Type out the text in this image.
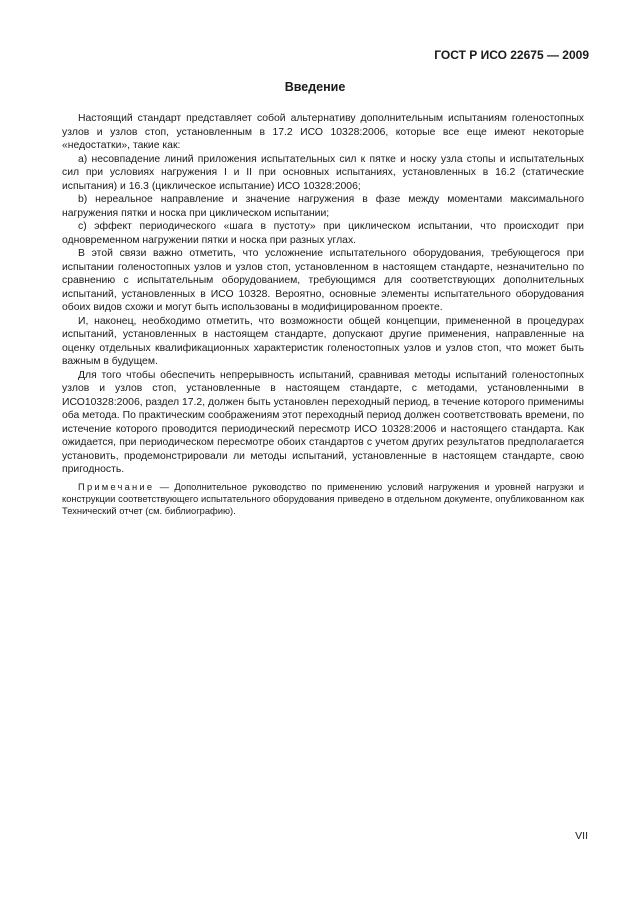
ГОСТ Р ИСО 22675 — 2009
Введение

Настоящий стандарт представляет собой альтернативу дополнительным испытаниям голеностопных узлов и узлов стоп, установленным в 17.2 ИСО 10328:2006, которые все еще имеют некоторые «недостатки», такие как:

а) несовпадение линий приложения испытательных сил к пятке и носку узла стопы и испытательных сил при условиях нагружения I и II при основных испытаниях, установленных в 16.2 (статические испытания) и 16.3 (циклическое испытание) ИСО 10328:2006;

b) нереальное направление и значение нагружения в фазе между моментами максимального нагружения пятки и носка при циклическом испытании;

c) эффект периодического «шага в пустоту» при циклическом испытании, что происходит при одновременном нагружении пятки и носка при разных углах.

В этой связи важно отметить, что усложнение испытательного оборудования, требующегося при испытании голеностопных узлов и узлов стоп, установленном в настоящем стандарте, незначительно по сравнению с испытательным оборудованием, требующимся для соответствующих дополнительных испытаний, установленных в ИСО 10328. Вероятно, основные элементы испытательного оборудования обоих видов схожи и могут быть использованы в модифицированном проекте.

И, наконец, необходимо отметить, что возможности общей концепции, примененной в процедурах испытаний, установленных в настоящем стандарте, допускают другие применения, направленные на оценку отдельных квалификационных характеристик голеностопных узлов и узлов стоп, что может быть важным в будущем.

Для того чтобы обеспечить непрерывность испытаний, сравнивая методы испытаний голеностопных узлов и узлов стоп, установленные в настоящем стандарте, с методами, установленными в ИСО10328:2006, раздел 17.2, должен быть установлен переходный период, в течение которого применимы оба метода. По практическим соображениям этот переходный период должен соответствовать времени, по истечение которого проводится периодический пересмотр ИСО 10328:2006 и настоящего стандарта. Как ожидается, при периодическом пересмотре обоих стандартов с учетом других результатов предполагается установить, продемонстрировали ли методы испытаний, установленные в настоящем стандарте, свою пригодность.

Примечание — Дополнительное руководство по применению условий нагружения и уровней нагрузки и конструкции соответствующего испытательного оборудования приведено в отдельном документе, опубликованном как Технический отчет (см. библиографию).

VII
